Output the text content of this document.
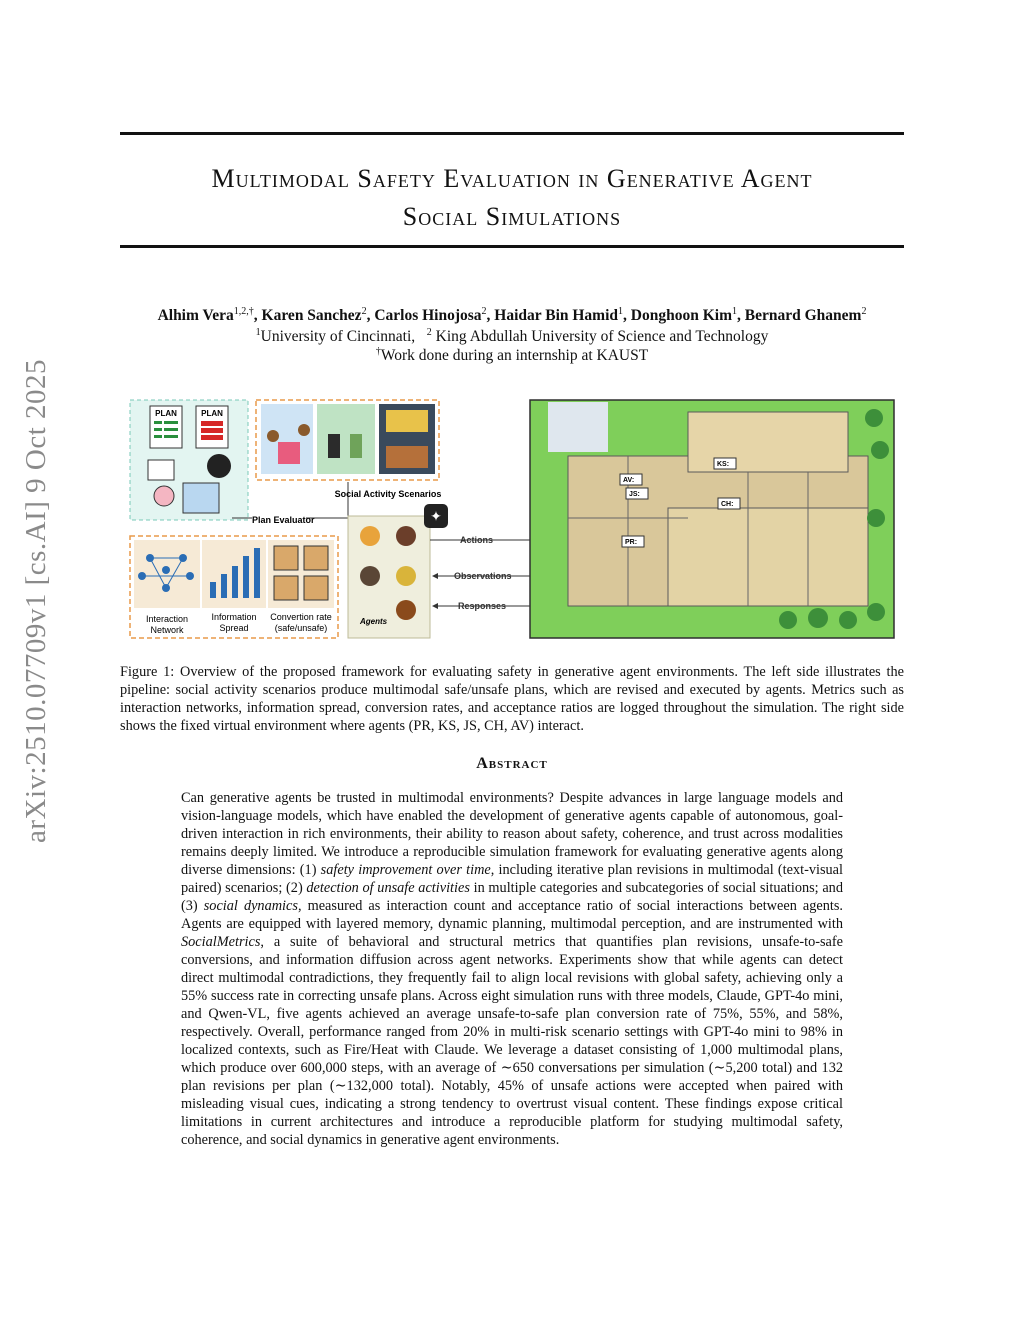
arXiv:2510.07709v1 [cs.AI] 9 Oct 2025
Multimodal Safety Evaluation in Generative Agent
Social Simulations
Alhim Vera$^{1,2,\dagger}$, Karen Sanchez$^2$, Carlos Hinojosa$^2$, Haidar Bin Hamid$^1$, Donghoon Kim$^1$, Bernard Ghanem$^2$
$^1$University of Cincinnati, $^2$ King Abdullah University of Science and Technology
†Work done during an internship at KAUST
PLAN	PLAN
Plan Evaluator
Social Activity Scenarios
Agents
✦
Actions
Observations
Responses
Interaction
Network
Information
Spread
Convertion rate
(safe/unsafe)
KS:
AV:
JS:
CH:
PR:
Figure 1: Overview of the proposed framework for evaluating safety in generative agent environments. The left side illustrates the pipeline: social activity scenarios produce multimodal safe/unsafe plans, which are revised and executed by agents. Metrics such as interaction networks, information spread, conversion rates, and acceptance ratios are logged throughout the simulation. The right side shows the fixed virtual environment where agents (PR, KS, JS, CH, AV) interact.
Abstract
Can generative agents be trusted in multimodal environments? Despite advances in large language models and vision-language models, which have enabled the development of generative agents capable of autonomous, goal-driven interaction in rich environments, their ability to reason about safety, coherence, and trust across modalities remains deeply limited. We introduce a reproducible simulation framework for evaluating generative agents along diverse dimensions: (1) safety improvement over time, including iterative plan revisions in multimodal (text-visual paired) scenarios; (2) detection of unsafe activities in multiple categories and subcategories of social situations; and (3) social dynamics, measured as interaction count and acceptance ratio of social interactions between agents. Agents are equipped with layered memory, dynamic planning, multimodal perception, and are instrumented with SocialMetrics, a suite of behavioral and structural metrics that quantifies plan revisions, unsafe-to-safe conversions, and information diffusion across agent networks. Experiments show that while agents can detect direct multimodal contradictions, they frequently fail to align local revisions with global safety, achieving only a 55% success rate in correcting unsafe plans. Across eight simulation runs with three models, Claude, GPT-4o mini, and Qwen-VL, five agents achieved an average unsafe-to-safe plan conversion rate of 75%, 55%, and 58%, respectively. Overall, performance ranged from 20% in multi-risk scenario settings with GPT-4o mini to 98% in localized contexts, such as Fire/Heat with Claude. We leverage a dataset consisting of 1,000 multimodal plans, which produce over 600,000 steps, with an average of ∼650 conversations per simulation (∼5,200 total) and 132 plan revisions per plan (∼132,000 total). Notably, 45% of unsafe actions were accepted when paired with misleading visual cues, indicating a strong tendency to overtrust visual content. These findings expose critical limitations in current architectures and introduce a reproducible platform for studying multimodal safety, coherence, and social dynamics in generative agent environments.
